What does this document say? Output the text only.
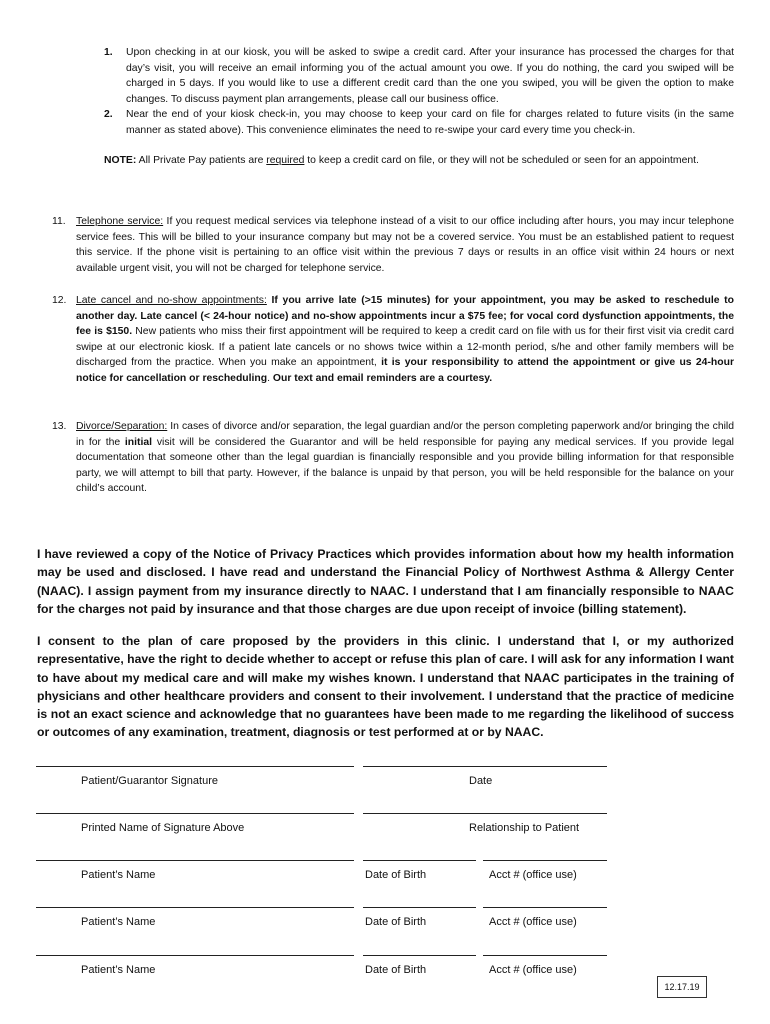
1. Upon checking in at our kiosk, you will be asked to swipe a credit card. After your insurance has processed the charges for that day’s visit, you will receive an email informing you of the actual amount you owe. If you do nothing, the card you swiped will be charged in 5 days. If you would like to use a different credit card than the one you swiped, you will be given the option to make changes. To discuss payment plan arrangements, please call our business office.

2. Near the end of your kiosk check-in, you may choose to keep your card on file for charges related to future visits (in the same manner as stated above). This convenience eliminates the need to re-swipe your card every time you check-in.

NOTE: All Private Pay patients are required to keep a credit card on file, or they will not be scheduled or seen for an appointment.

11. Telephone service: If you request medical services via telephone instead of a visit to our office including after hours, you may incur telephone service fees. This will be billed to your insurance company but may not be a covered service. You must be an established patient to request this service. If the phone visit is pertaining to an office visit within the previous 7 days or results in an office visit within 24 hours or next available urgent visit, you will not be charged for telephone service.

12. Late cancel and no-show appointments: If you arrive late (>15 minutes) for your appointment, you may be asked to reschedule to another day. Late cancel (< 24-hour notice) and no-show appointments incur a $75 fee; for vocal cord dysfunction appointments, the fee is $150. New patients who miss their first appointment will be required to keep a credit card on file with us for their first visit via credit card swipe at our electronic kiosk. If a patient late cancels or no shows twice within a 12-month period, s/he and other family members will be discharged from the practice. When you make an appointment, it is your responsibility to attend the appointment or give us 24-hour notice for cancellation or rescheduling. Our text and email reminders are a courtesy.

13. Divorce/Separation: In cases of divorce and/or separation, the legal guardian and/or the person completing paperwork and/or bringing the child in for the initial visit will be considered the Guarantor and will be held responsible for paying any medical services. If you provide legal documentation that someone other than the legal guardian is financially responsible and you provide billing information for that responsible party, we will attempt to bill that party. However, if the balance is unpaid by that person, you will be held responsible for the balance on your child’s account.

I have reviewed a copy of the Notice of Privacy Practices which provides information about how my health information may be used and disclosed. I have read and understand the Financial Policy of Northwest Asthma & Allergy Center (NAAC). I assign payment from my insurance directly to NAAC. I understand that I am financially responsible to NAAC for the charges not paid by insurance and that those charges are due upon receipt of invoice (billing statement).

I consent to the plan of care proposed by the providers in this clinic. I understand that I, or my authorized representative, have the right to decide whether to accept or refuse this plan of care. I will ask for any information I want to have about my medical care and will make my wishes known. I understand that NAAC participates in the training of physicians and other healthcare providers and consent to their involvement. I understand that the practice of medicine is not an exact science and acknowledge that no guarantees have been made to me regarding the likelihood of success or outcomes of any examination, treatment, diagnosis or test performed at or by NAAC.

Patient/Guarantor Signature	Date
Printed Name of Signature Above	Relationship to Patient
Patient’s Name	Date of Birth	Acct # (office use)
Patient’s Name	Date of Birth	Acct # (office use)
Patient’s Name	Date of Birth	Acct # (office use)
12.17.19
